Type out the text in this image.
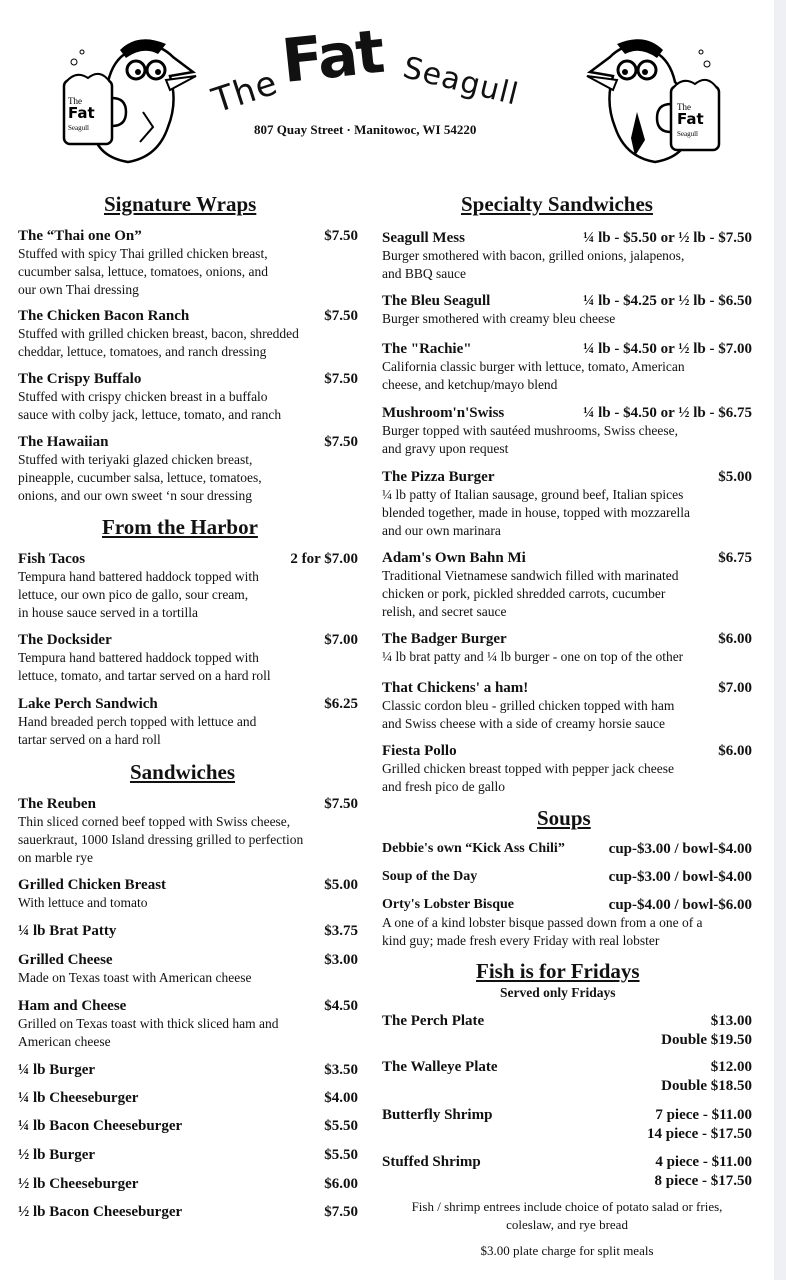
The
Fat
Seagull
The
Fat Seagull
807 Quay Street · Manitowoc, WI 54220
The
Fat
Seagull
Signature Wraps
The “Thai one On”	$7.50
Stuffed with spicy Thai grilled chicken breast,
cucumber salsa, lettuce, tomatoes, onions, and
our own Thai dressing
The Chicken Bacon Ranch	$7.50
Stuffed with grilled chicken breast, bacon, shredded
cheddar, lettuce, tomatoes, and ranch dressing
The Crispy Buffalo	$7.50
Stuffed with crispy chicken breast in a buffalo
sauce with colby jack, lettuce, tomato, and ranch
The Hawaiian	$7.50
Stuffed with teriyaki glazed chicken breast,
pineapple, cucumber salsa, lettuce, tomatoes,
onions, and our own sweet ‘n sour dressing
From the Harbor
Fish Tacos	2 for $7.00
Tempura hand battered haddock topped with
lettuce, our own pico de gallo, sour cream,
in house sauce served in a tortilla
The Docksider	$7.00
Tempura hand battered haddock topped with
lettuce, tomato, and tartar served on a hard roll
Lake Perch Sandwich	$6.25
Hand breaded perch topped with lettuce and
tartar served on a hard roll
Sandwiches
The Reuben	$7.50
Thin sliced corned beef topped with Swiss cheese,
sauerkraut, 1000 Island dressing grilled to perfection
on marble rye
Grilled Chicken Breast	$5.00
With lettuce and tomato
¼ lb Brat Patty	$3.75
Grilled Cheese	$3.00
Made on Texas toast with American cheese
Ham and Cheese	$4.50
Grilled on Texas toast with thick sliced ham and
American cheese
¼ lb Burger	$3.50
¼ lb Cheeseburger	$4.00
¼ lb Bacon Cheeseburger	$5.50
½ lb Burger	$5.50
½ lb Cheeseburger	$6.00
½ lb Bacon Cheeseburger	$7.50
Specialty Sandwiches
Seagull Mess	¼ lb - $5.50 or ½ lb - $7.50
Burger smothered with bacon, grilled onions, jalapenos,
and BBQ sauce
The Bleu Seagull	¼ lb - $4.25 or ½ lb - $6.50
Burger smothered with creamy bleu cheese
The "Rachie"	¼ lb - $4.50 or ½ lb - $7.00
California classic burger with lettuce, tomato, American
cheese, and ketchup/mayo blend
Mushroom'n'Swiss	¼ lb - $4.50 or ½ lb - $6.75
Burger topped with sautéed mushrooms, Swiss cheese,
and gravy upon request
The Pizza Burger	$5.00
¼ lb patty of Italian sausage, ground beef, Italian spices
blended together, made in house, topped with mozzarella
and our own marinara
Adam's Own Bahn Mi	$6.75
Traditional Vietnamese sandwich filled with marinated
chicken or pork, pickled shredded carrots, cucumber
relish, and secret sauce
The Badger Burger	$6.00
¼ lb brat patty and ¼ lb burger - one on top of the other
That Chickens' a ham!	$7.00
Classic cordon bleu - grilled chicken topped with ham
and Swiss cheese with a side of creamy horsie sauce
Fiesta Pollo	$6.00
Grilled chicken breast topped with pepper jack cheese
and fresh pico de gallo
Soups
Debbie's own “Kick Ass Chili”	cup-$3.00 / bowl-$4.00
Soup of the Day	cup-$3.00 / bowl-$4.00
Orty's Lobster Bisque	cup-$4.00 / bowl-$6.00
A one of a kind lobster bisque passed down from a one of a
kind guy; made fresh every Friday with real lobster
Fish is for Fridays
Served only Fridays
The Perch Plate	$13.00
Double $19.50
The Walleye Plate	$12.00
Double $18.50
Butterfly Shrimp	7 piece - $11.00
14 piece - $17.50
Stuffed Shrimp	4 piece - $11.00
8 piece - $17.50
Fish / shrimp entrees include choice of potato salad or fries,
coleslaw, and rye bread
$3.00 plate charge for split meals
